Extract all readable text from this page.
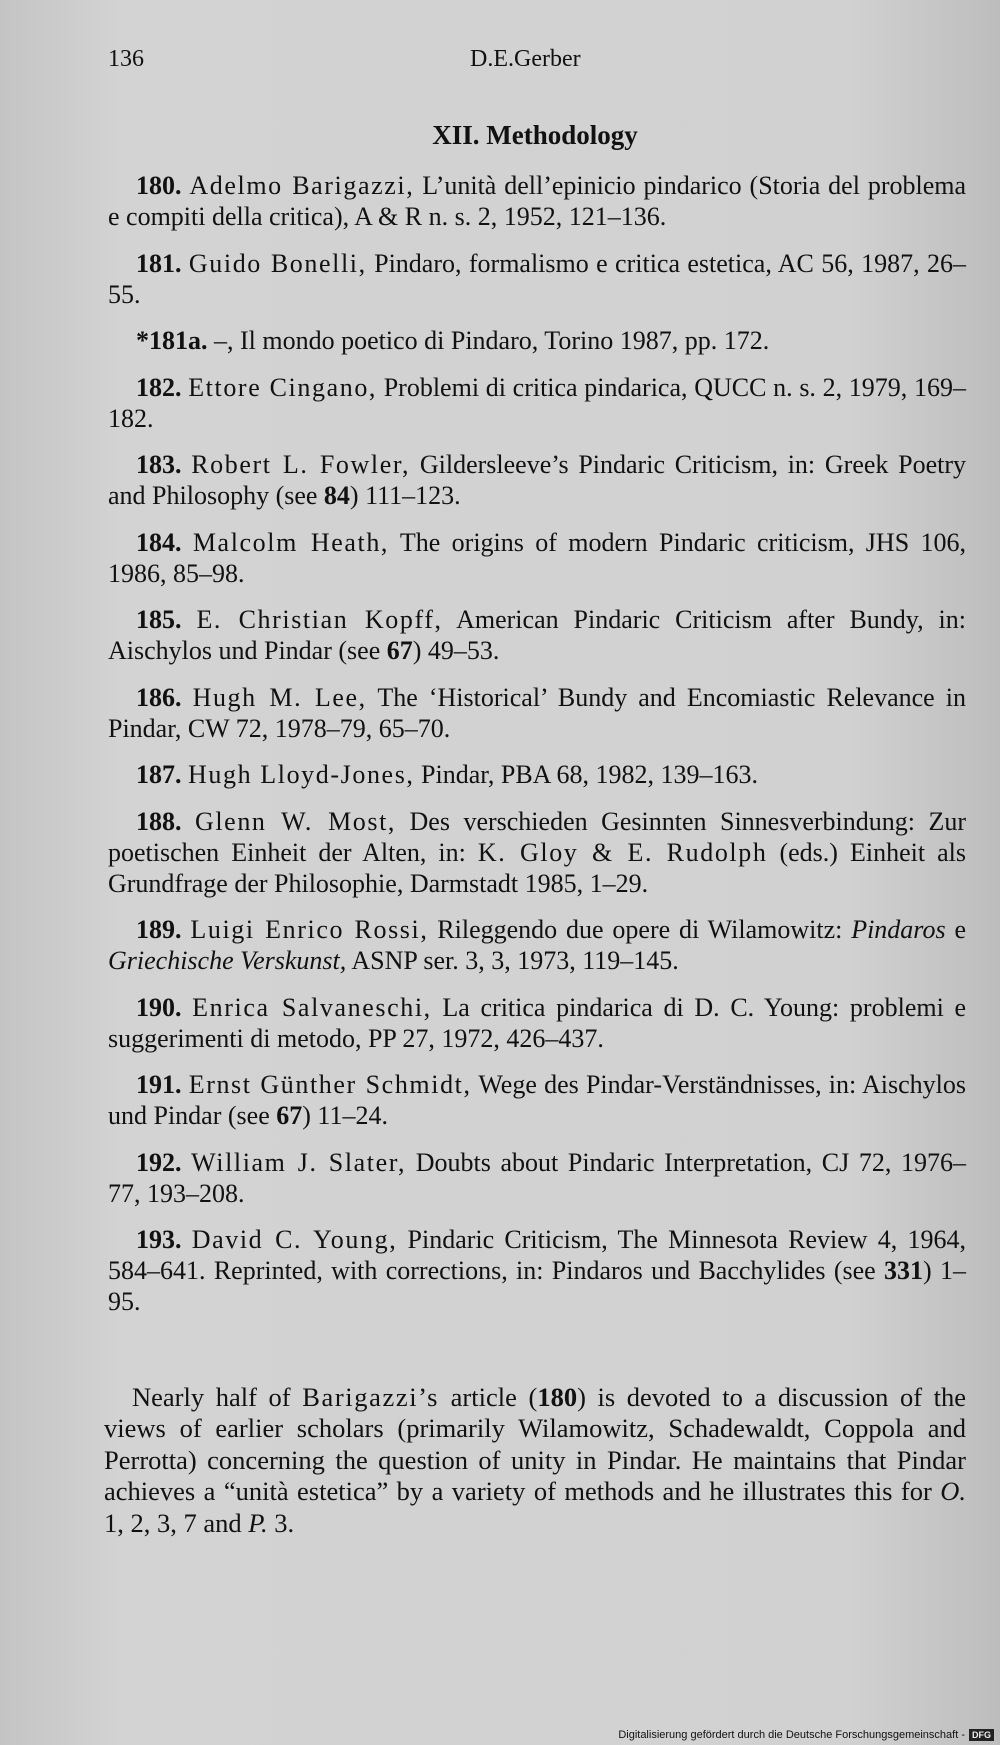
136	D.E.Gerber
XII. Methodology

180. Adelmo Barigazzi, L’unità dell’epinicio pindarico (Storia del problema e compiti della critica), A & R n. s. 2, 1952, 121–136.

181. Guido Bonelli, Pindaro, formalismo e critica estetica, AC 56, 1987, 26–55.

*181a. –, Il mondo poetico di Pindaro, Torino 1987, pp. 172.

182. Ettore Cingano, Problemi di critica pindarica, QUCC n. s. 2, 1979, 169–182.

183. Robert L. Fowler, Gildersleeve’s Pindaric Criticism, in: Greek Poetry and Philosophy (see 84) 111–123.

184. Malcolm Heath, The origins of modern Pindaric criticism, JHS 106, 1986, 85–98.

185. E. Christian Kopff, American Pindaric Criticism after Bundy, in: Aischylos und Pindar (see 67) 49–53.

186. Hugh M. Lee, The ‘Historical’ Bundy and Encomiastic Relevance in Pindar, CW 72, 1978–79, 65–70.

187. Hugh Lloyd-Jones, Pindar, PBA 68, 1982, 139–163.

188. Glenn W. Most, Des verschieden Gesinnten Sinnesverbindung: Zur poetischen Einheit der Alten, in: K. Gloy & E. Rudolph (eds.) Einheit als Grundfrage der Philosophie, Darmstadt 1985, 1–29.

189. Luigi Enrico Rossi, Rileggendo due opere di Wilamowitz: Pindaros e Griechische Verskunst, ASNP ser. 3, 3, 1973, 119–145.

190. Enrica Salvaneschi, La critica pindarica di D. C. Young: problemi e suggerimenti di metodo, PP 27, 1972, 426–437.

191. Ernst Günther Schmidt, Wege des Pindar-Verständnisses, in: Aischylos und Pindar (see 67) 11–24.

192. William J. Slater, Doubts about Pindaric Interpretation, CJ 72, 1976–77, 193–208.

193. David C. Young, Pindaric Criticism, The Minnesota Review 4, 1964, 584–641. Reprinted, with corrections, in: Pindaros und Bacchylides (see 331) 1–95.

Nearly half of Barigazzi’s article (180) is devoted to a discussion of the views of earlier scholars (primarily Wilamowitz, Schadewaldt, Coppola and Perrotta) concerning the question of unity in Pindar. He maintains that Pindar achieves a “unità estetica” by a variety of methods and he illustrates this for O. 1, 2, 3, 7 and P. 3.

Digitalisierung gefördert durch die Deutsche Forschungsgemeinschaft - DFG
